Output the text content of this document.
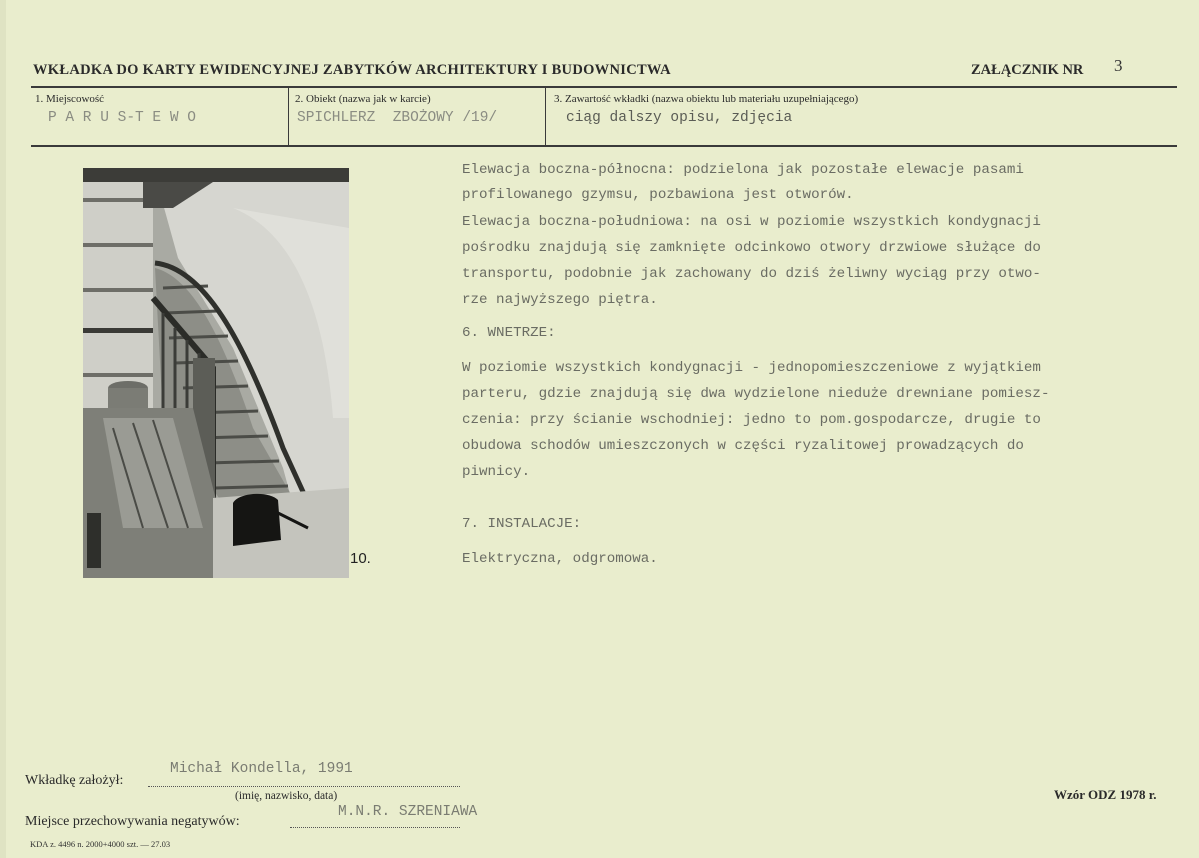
WKŁADKA DO KARTY EWIDENCYJNEJ ZABYTKÓW ARCHITEKTURY I BUDOWNICTWA	ZAŁĄCZNIK NR 3
1. Miejscowość
P A R U S-T E W O
2. Obiekt (nazwa jak w karcie)
SPICHLERZ  ZBOŻOWY /19/
3. Zawartość wkładki (nazwa obiektu lub materiału uzupełniającego)
ciąg dalszy opisu, zdjęcia
10.
Elewacja boczna-północna: podzielona jak pozostałe elewacje pasami
profilowanego gzymsu, pozbawiona jest otworów.
Elewacja boczna-południowa: na osi w poziomie wszystkich kondygnacji
pośrodku znajdują się zamknięte odcinkowo otwory drzwiowe służące do
transportu, podobnie jak zachowany do dziś żeliwny wyciąg przy otwo-
rze najwyższego piętra.
6. WNETRZE:
W poziomie wszystkich kondygnacji - jednopomieszczeniowe z wyjątkiem
parteru, gdzie znajdują się dwa wydzielone nieduże drewniane pomiesz-
czenia: przy ścianie wschodniej: jedno to pom.gospodarcze, drugie to
obudowa schodów umieszczonych w części ryzalitowej prowadzących do
piwnicy.
7. INSTALACJE:
Elektryczna, odgromowa.
Wkładkę założył:
Michał Kondella, 1991
(imię, nazwisko, data)
Miejsce przechowywania negatywów:
M.N.R. SZRENIAWA
Wzór ODZ 1978 r.
KDA z. 4496 n. 2000+4000 szt. — 27.03
